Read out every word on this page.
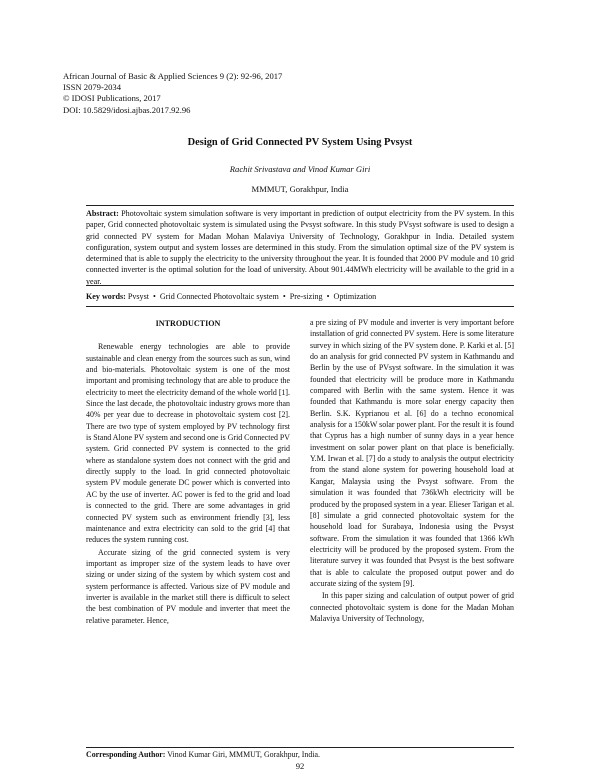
African Journal of Basic & Applied Sciences 9 (2): 92-96, 2017
ISSN 2079-2034
© IDOSI Publications, 2017
DOI: 10.5829/idosi.ajbas.2017.92.96
Design of Grid Connected PV System Using Pvsyst
Rachit Srivastava and Vinod Kumar Giri
MMMUT, Gorakhpur, India
Abstract: Photovoltaic system simulation software is very important in prediction of output electricity from the PV system. In this paper, Grid connected photovoltaic system is simulated using the Pvsyst software. In this study PVsyst software is used to design a grid connected PV system for Madan Mohan Malaviya University of Technology, Gorakhpur in India. Detailed system configuration, system output and system losses are determined in this study. From the simulation optimal size of the PV system is determined that is able to supply the electricity to the university throughout the year. It is founded that 2000 PV module and 10 grid connected inverter is the optimal solution for the load of university. About 901.44MWh electricity will be available to the grid in a year.
Key words: Pvsyst  •  Grid Connected Photovoltaic system  •  Pre-sizing  •  Optimization
INTRODUCTION

Renewable energy technologies are able to provide sustainable and clean energy from the sources such as sun, wind and bio-materials. Photovoltaic system is one of the most important and promising technology that are able to produce the electricity to meet the electricity demand of the whole world [1]. Since the last decade, the photovoltaic industry grows more than 40% per year due to decrease in photovoltaic system cost [2]. There are two type of system employed by PV technology first is Stand Alone PV system and second one is Grid Connected PV system. Grid connected PV system is connected to the grid where as standalone system does not connect with the grid and directly supply to the load. In grid connected photovoltaic system PV module generate DC power which is converted into AC by the use of inverter. AC power is fed to the grid and load is connected to the grid. There are some advantages in grid connected PV system such as environment friendly [3], less maintenance and extra electricity can sold to the grid [4] that reduces the system running cost.

Accurate sizing of the grid connected system is very important as improper size of the system leads to have over sizing or under sizing of the system by which system cost and system performance is affected. Various size of PV module and inverter is available in the market still there is difficult to select the best combination of PV module and inverter that meet the relative parameter. Hence,

a pre sizing of PV module and inverter is very important before installation of grid connected PV system. Here is some literature survey in which sizing of the PV system done. P. Karki et al. [5] do an analysis for grid connected PV system in Kathmandu and Berlin by the use of PVsyst software. In the simulation it was founded that electricity will be produce more in Kathmandu compared with Berlin with the same system. Hence it was founded that Kathmandu is more solar energy capacity then Berlin. S.K. Kyprianou et al. [6] do a techno economical analysis for a 150kW solar power plant. For the result it is found that Cyprus has a high number of sunny days in a year hence investment on solar power plant on that place is beneficially. Y.M. Irwan et al. [7] do a study to analysis the output electricity from the stand alone system for powering household load at Kangar, Malaysia using the Pvsyst software. From the simulation it was founded that 736kWh electricity will be produced by the proposed system in a year. Elieser Tarigan et al. [8] simulate a grid connected photovoltaic system for the household load for Surabaya, Indonesia using the Pvsyst software. From the simulation it was founded that 1366 kWh electricity will be produced by the proposed system. From the literature survey it was founded that Pvsyst is the best software that is able to calculate the proposed output power and do accurate sizing of the system [9].

In this paper sizing and calculation of output power of grid connected photovoltaic system is done for the Madan Mohan Malaviya University of Technology,

Corresponding Author: Vinod Kumar Giri, MMMUT, Gorakhpur, India.
92
